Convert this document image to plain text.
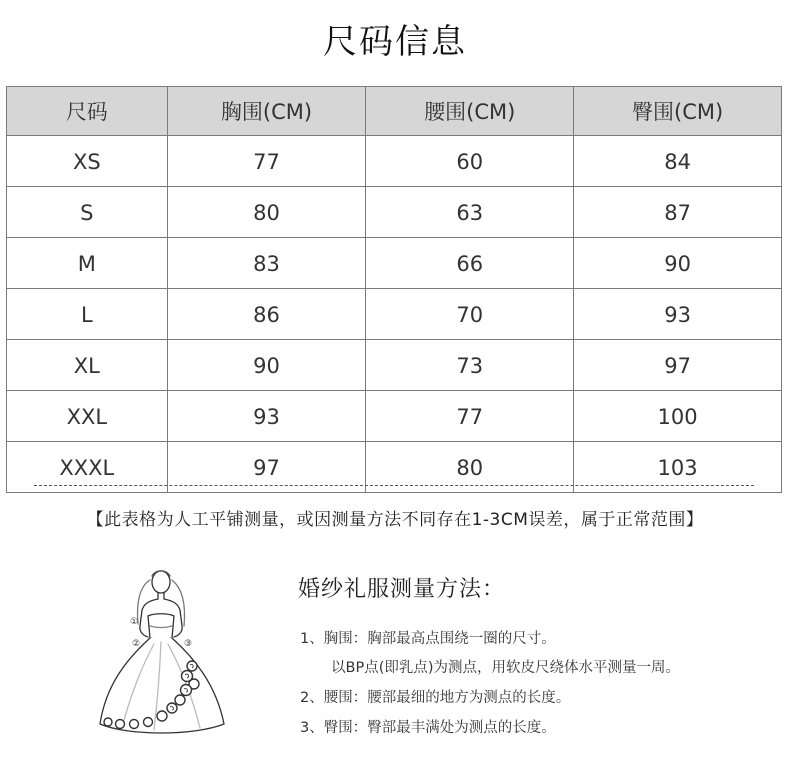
尺码信息
尺码	胸围(CM)	腰围(CM)	臀围(CM)
XS	77	60	84
S	80	63	87
M	83	66	90
L	86	70	93
XL	90	73	97
XXL	93	77	100
XXXL	97	80	103
【此表格为人工平铺测量，或因测量方法不同存在1-3CM误差，属于正常范围】
①
②	③
婚纱礼服测量方法：
1、胸围：胸部最高点围绕一圈的尺寸。
以BP点(即乳点)为测点，用软皮尺绕体水平测量一周。
2、腰围：腰部最细的地方为测点的长度。
3、臀围：臀部最丰满处为测点的长度。
